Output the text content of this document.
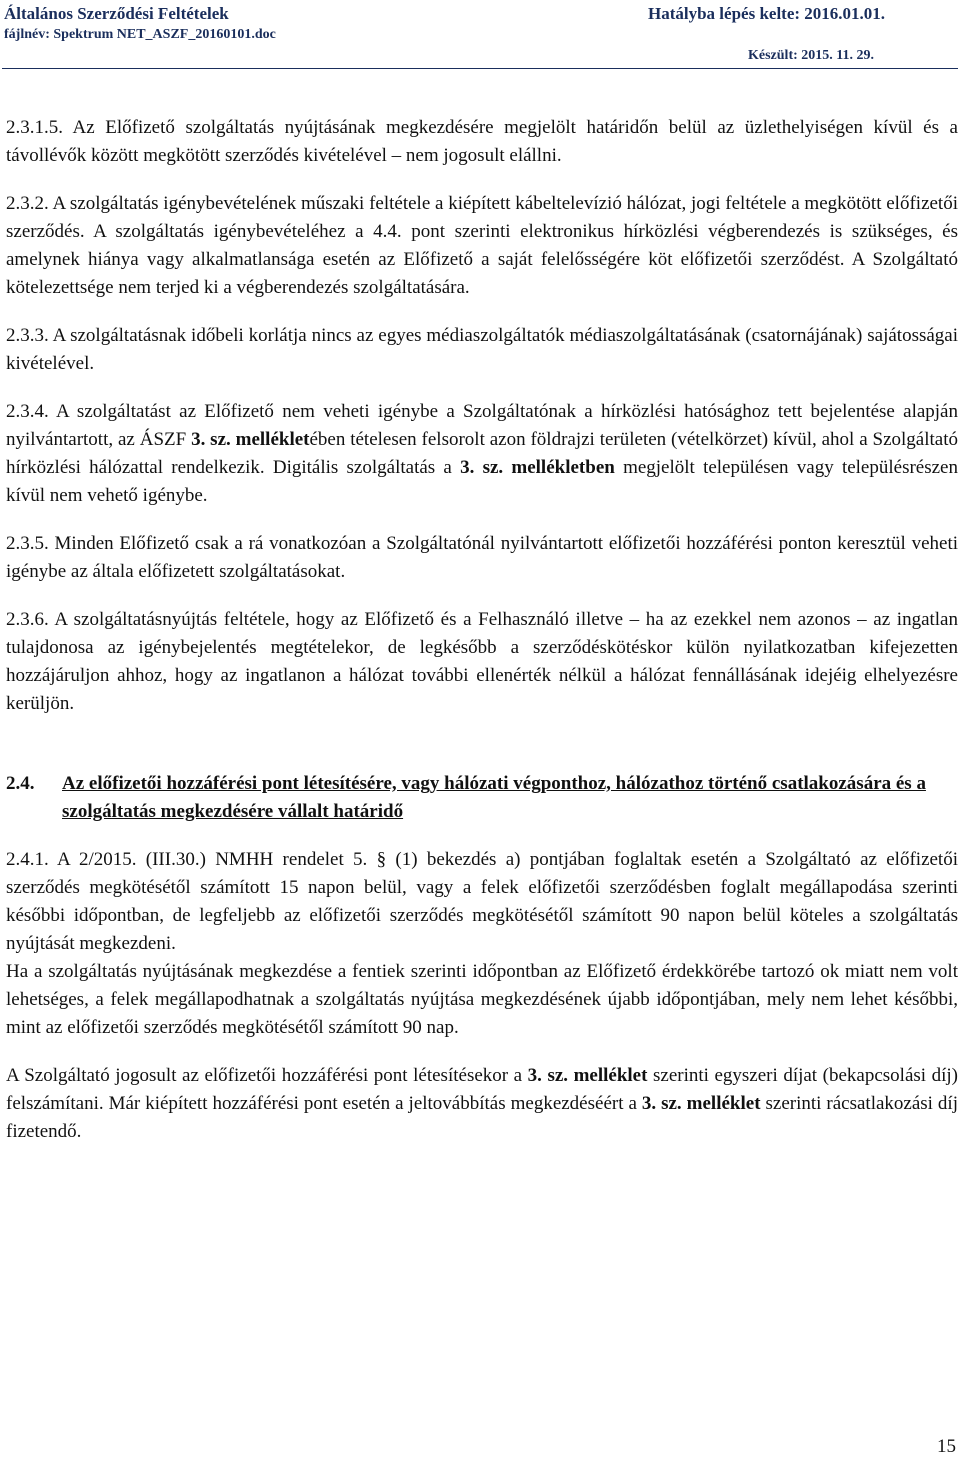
Általános Szerződési Feltételek
fájlnév: Spektrum NET_ASZF_20160101.doc
Hatályba lépés kelte: 2016.01.01.
Készült: 2015. 11. 29.

2.3.1.5. Az Előfizető szolgáltatás nyújtásának megkezdésére megjelölt határidőn belül az üzlethelyiségen kívül és a távollévők között megkötött szerződés kivételével – nem jogosult elállni.

2.3.2. A szolgáltatás igénybevételének műszaki feltétele a kiépített kábeltelevízió hálózat, jogi feltétele a megkötött előfizetői szerződés. A szolgáltatás igénybevételéhez a 4.4. pont szerinti elektronikus hírközlési végberendezés is szükséges, és amelynek hiánya vagy alkalmatlansága esetén az Előfizető a saját felelősségére köt előfizetői szerződést. A Szolgáltató kötelezettsége nem terjed ki a végberendezés szolgáltatására.

2.3.3. A szolgáltatásnak időbeli korlátja nincs az egyes médiaszolgáltatók médiaszolgáltatásának (csatornájának) sajátosságai kivételével.

2.3.4. A szolgáltatást az Előfizető nem veheti igénybe a Szolgáltatónak a hírközlési hatósághoz tett bejelentése alapján nyilvántartott, az ÁSZF 3. sz. mellékletében tételesen felsorolt azon földrajzi területen (vételkörzet) kívül, ahol a Szolgáltató hírközlési hálózattal rendelkezik. Digitális szolgáltatás a 3. sz. mellékletben megjelölt településen vagy településrészen kívül nem vehető igénybe.

2.3.5. Minden Előfizető csak a rá vonatkozóan a Szolgáltatónál nyilvántartott előfizetői hozzáférési ponton keresztül veheti igénybe az általa előfizetett szolgáltatásokat.

2.3.6. A szolgáltatásnyújtás feltétele, hogy az Előfizető és a Felhasználó illetve – ha az ezekkel nem azonos – az ingatlan tulajdonosa az igénybejelentés megtételekor, de legkésőbb a szerződéskötéskor külön nyilatkozatban kifejezetten hozzájáruljon ahhoz, hogy az ingatlanon a hálózat további ellenérték nélkül a hálózat fennállásának idejéig elhelyezésre kerüljön.

2.4.	Az előfizetői hozzáférési pont létesítésére, vagy hálózati végponthoz, hálózathoz történő csatlakozására és a szolgáltatás megkezdésére vállalt határidő

2.4.1. A 2/2015. (III.30.) NMHH rendelet 5. § (1) bekezdés a) pontjában foglaltak esetén a Szolgáltató az előfizetői szerződés megkötésétől számított 15 napon belül, vagy a felek előfizetői szerződésben foglalt megállapodása szerinti későbbi időpontban, de legfeljebb az előfizetői szerződés megkötésétől számított 90 napon belül köteles a szolgáltatás nyújtását megkezdeni.

Ha a szolgáltatás nyújtásának megkezdése a fentiek szerinti időpontban az Előfizető érdekkörébe tartozó ok miatt nem volt lehetséges, a felek megállapodhatnak a szolgáltatás nyújtása megkezdésének újabb időpontjában, mely nem lehet későbbi, mint az előfizetői szerződés megkötésétől számított 90 nap.

A Szolgáltató jogosult az előfizetői hozzáférési pont létesítésekor a 3. sz. melléklet szerinti egyszeri díjat (bekapcsolási díj) felszámítani. Már kiépített hozzáférési pont esetén a jeltovábbítás megkezdéséért a 3. sz. melléklet szerinti rácsatlakozási díj fizetendő.

15
